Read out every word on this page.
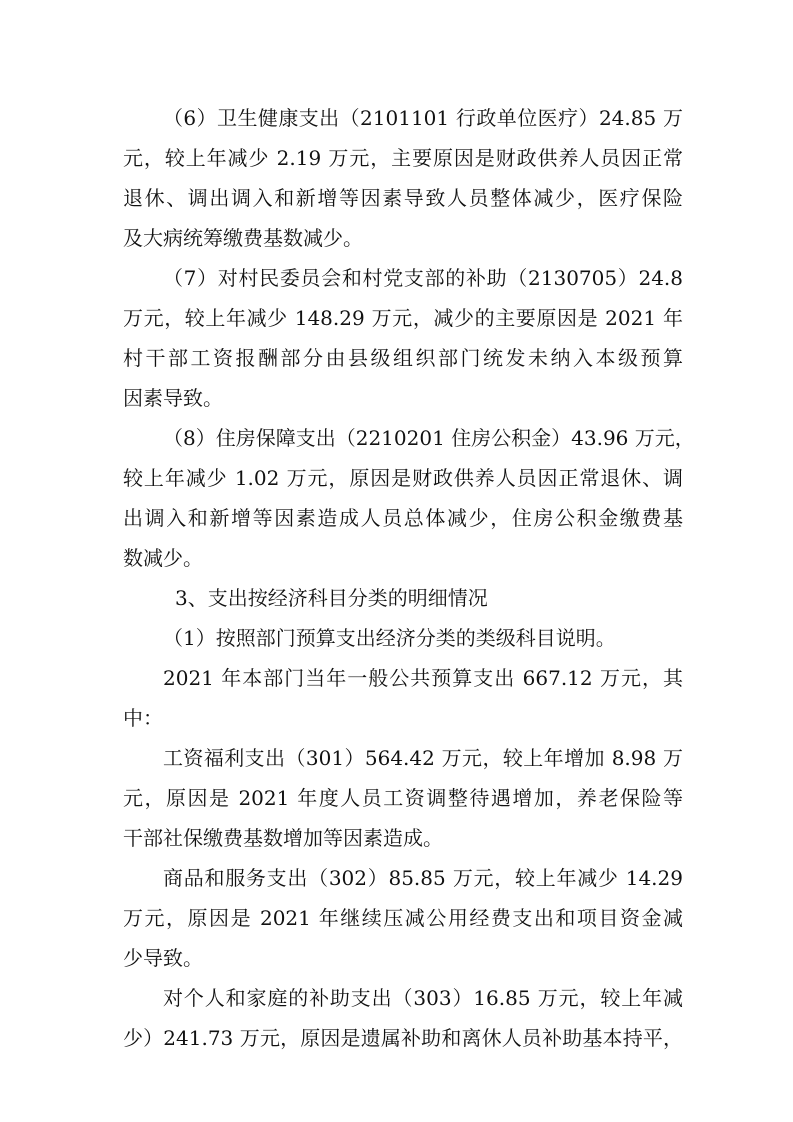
（6）卫生健康支出（2101101 行政单位医疗）24.85 万
元，较上年减少 2.19 万元，主要原因是财政供养人员因正常
退休、调出调入和新增等因素导致人员整体减少，医疗保险
及大病统筹缴费基数减少。
（7）对村民委员会和村党支部的补助（2130705）24.8
万元，较上年减少 148.29 万元，减少的主要原因是 2021 年
村干部工资报酬部分由县级组织部门统发未纳入本级预算
因素导致。
（8）住房保障支出（2210201 住房公积金）43.96 万元，
较上年减少 1.02 万元，原因是财政供养人员因正常退休、调
出调入和新增等因素造成人员总体减少，住房公积金缴费基
数减少。
3、支出按经济科目分类的明细情况
（1）按照部门预算支出经济分类的类级科目说明。
2021 年本部门当年一般公共预算支出 667.12 万元，其
中：
工资福利支出（301）564.42 万元，较上年增加 8.98 万
元，原因是 2021 年度人员工资调整待遇增加，养老保险等
干部社保缴费基数增加等因素造成。
商品和服务支出（302）85.85 万元，较上年减少 14.29
万元，原因是 2021 年继续压减公用经费支出和项目资金减
少导致。
对个人和家庭的补助支出（303）16.85 万元，较上年减
少）241.73 万元，原因是遗属补助和离休人员补助基本持平，
